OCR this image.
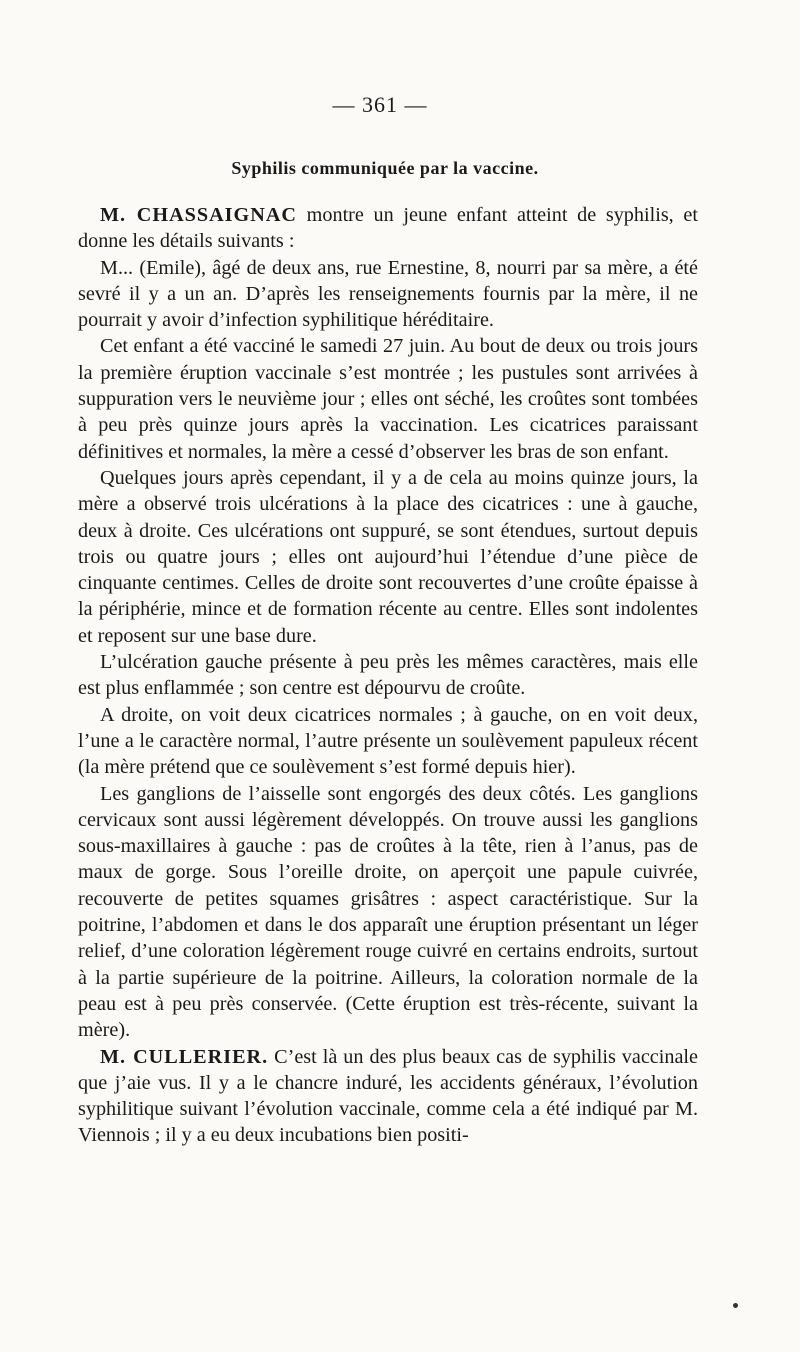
— 361 —
Syphilis communiquée par la vaccine.

M. CHASSAIGNAC montre un jeune enfant atteint de syphilis, et donne les détails suivants :

M... (Emile), âgé de deux ans, rue Ernestine, 8, nourri par sa mère, a été sevré il y a un an. D’après les renseignements fournis par la mère, il ne pourrait y avoir d’infection syphilitique héréditaire.

Cet enfant a été vacciné le samedi 27 juin. Au bout de deux ou trois jours la première éruption vaccinale s’est montrée ; les pustules sont arrivées à suppuration vers le neuvième jour ; elles ont séché, les croûtes sont tombées à peu près quinze jours après la vaccination. Les cicatrices paraissant définitives et normales, la mère a cessé d’observer les bras de son enfant.

Quelques jours après cependant, il y a de cela au moins quinze jours, la mère a observé trois ulcérations à la place des cicatrices : une à gauche, deux à droite. Ces ulcérations ont suppuré, se sont étendues, surtout depuis trois ou quatre jours ; elles ont aujourd’hui l’étendue d’une pièce de cinquante centimes. Celles de droite sont recouvertes d’une croûte épaisse à la périphérie, mince et de formation récente au centre. Elles sont indolentes et reposent sur une base dure.

L’ulcération gauche présente à peu près les mêmes caractères, mais elle est plus enflammée ; son centre est dépourvu de croûte.

A droite, on voit deux cicatrices normales ; à gauche, on en voit deux, l’une a le caractère normal, l’autre présente un soulèvement papuleux récent (la mère prétend que ce soulèvement s’est formé depuis hier).

Les ganglions de l’aisselle sont engorgés des deux côtés. Les ganglions cervicaux sont aussi légèrement développés. On trouve aussi les ganglions sous-maxillaires à gauche : pas de croûtes à la tête, rien à l’anus, pas de maux de gorge. Sous l’oreille droite, on aperçoit une papule cuivrée, recouverte de petites squames grisâtres : aspect caractéristique. Sur la poitrine, l’abdomen et dans le dos apparaît une éruption présentant un léger relief, d’une coloration légèrement rouge cuivré en certains endroits, surtout à la partie supérieure de la poitrine. Ailleurs, la coloration normale de la peau est à peu près conservée. (Cette éruption est très-récente, suivant la mère).

M. CULLERIER. C’est là un des plus beaux cas de syphilis vaccinale que j’aie vus. Il y a le chancre induré, les accidents généraux, l’évolution syphilitique suivant l’évolution vaccinale, comme cela a été indiqué par M. Viennois ; il y a eu deux incubations bien positi-
